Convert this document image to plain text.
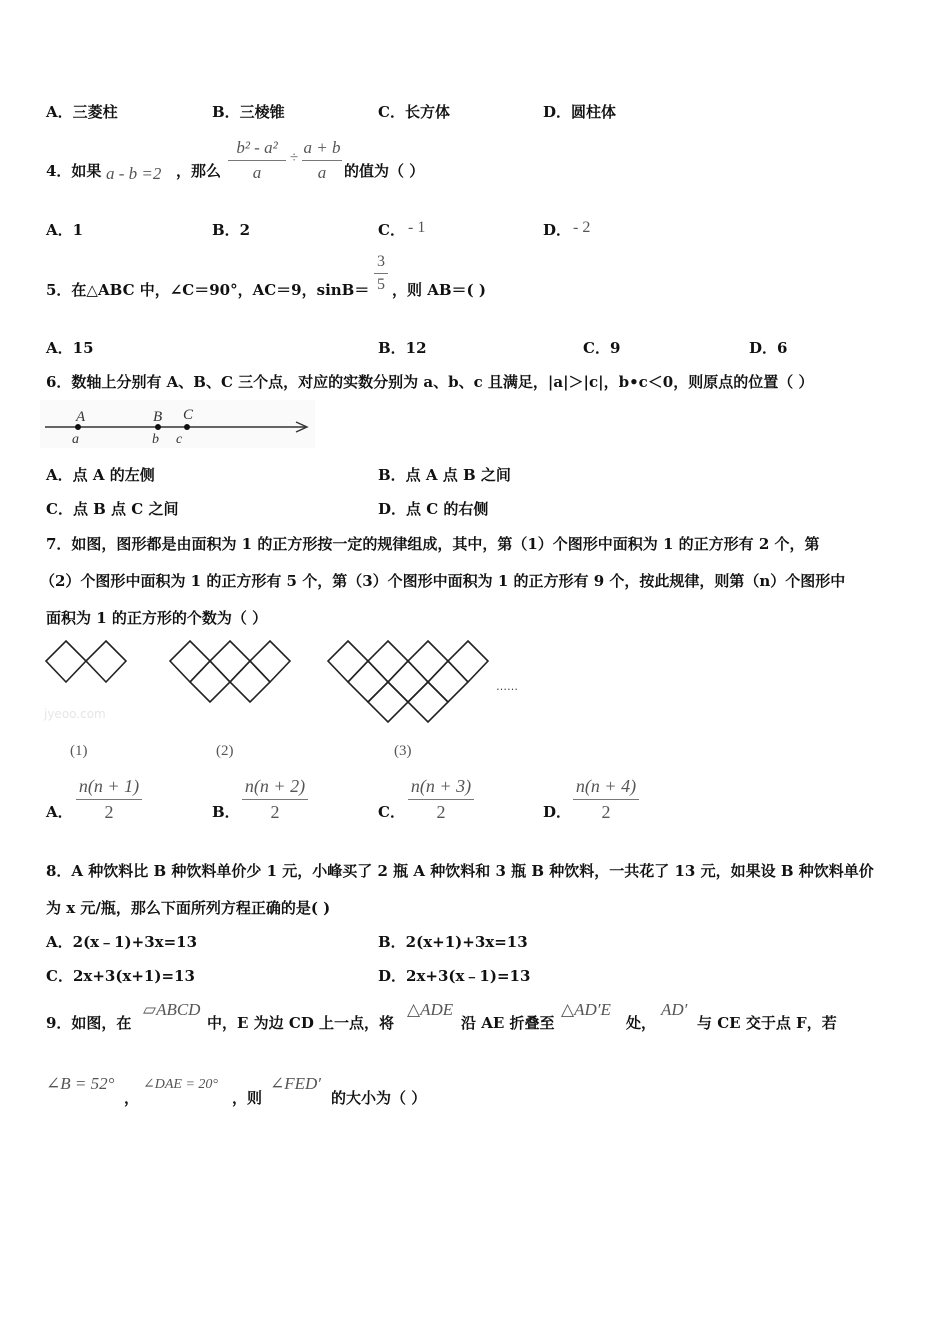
A．三菱柱	B．三棱锥	C．长方体	D．圆柱体
4．如果 a - b =2 ，那么
b² - a²
a
÷
a + b
a	的值为（ ）
A．1	B．2	C． - 1	D． - 2
5．在△ABC 中，∠C＝90°，AC＝9，sinB＝
3
5 ，则 AB＝( )
A．15	B．12	C．9	D．6
6．数轴上分别有 A、B、C 三个点，对应的实数分别为 a、b、c 且满足，|a|＞|c|，b•c＜0，则原点的位置（ ）
A	B C
a	b c
A．点 A 的左侧	B．点 A 点 B 之间
C．点 B 点 C 之间	D．点 C 的右侧
7．如图，图形都是由面积为 1 的正方形按一定的规律组成，其中，第（1）个图形中面积为 1 的正方形有 2 个，第
（2）个图形中面积为 1 的正方形有 5 个，第（3）个图形中面积为 1 的正方形有 9 个，按此规律，则第（n）个图形中
面积为 1 的正方形的个数为（ ）
……
jyeoo.com
(1)	(2)	(3)
A．
n(n + 1)
2	B．
n(n + 2)
2	C．
n(n + 3)
2	D．
n(n + 4)
2
8．A 种饮料比 B 种饮料单价少 1 元，小峰买了 2 瓶 A 种饮料和 3 瓶 B 种饮料，一共花了 13 元，如果设 B 种饮料单价
为 x 元/瓶，那么下面所列方程正确的是( )
A．2(x﹣1)+3x=13	B．2(x+1)+3x=13
C．2x+3(x+1)=13	D．2x+3(x﹣1)=13
9．如图，在
▱ABCD
中，E 为边 CD 上一点，将
△ADE
沿 AE 折叠至
△AD′E
处，
AD′
与 CE 交于点 F，若
∠B = 52°
，
∠DAE = 20°
，则
∠FED′
的大小为（ ）
